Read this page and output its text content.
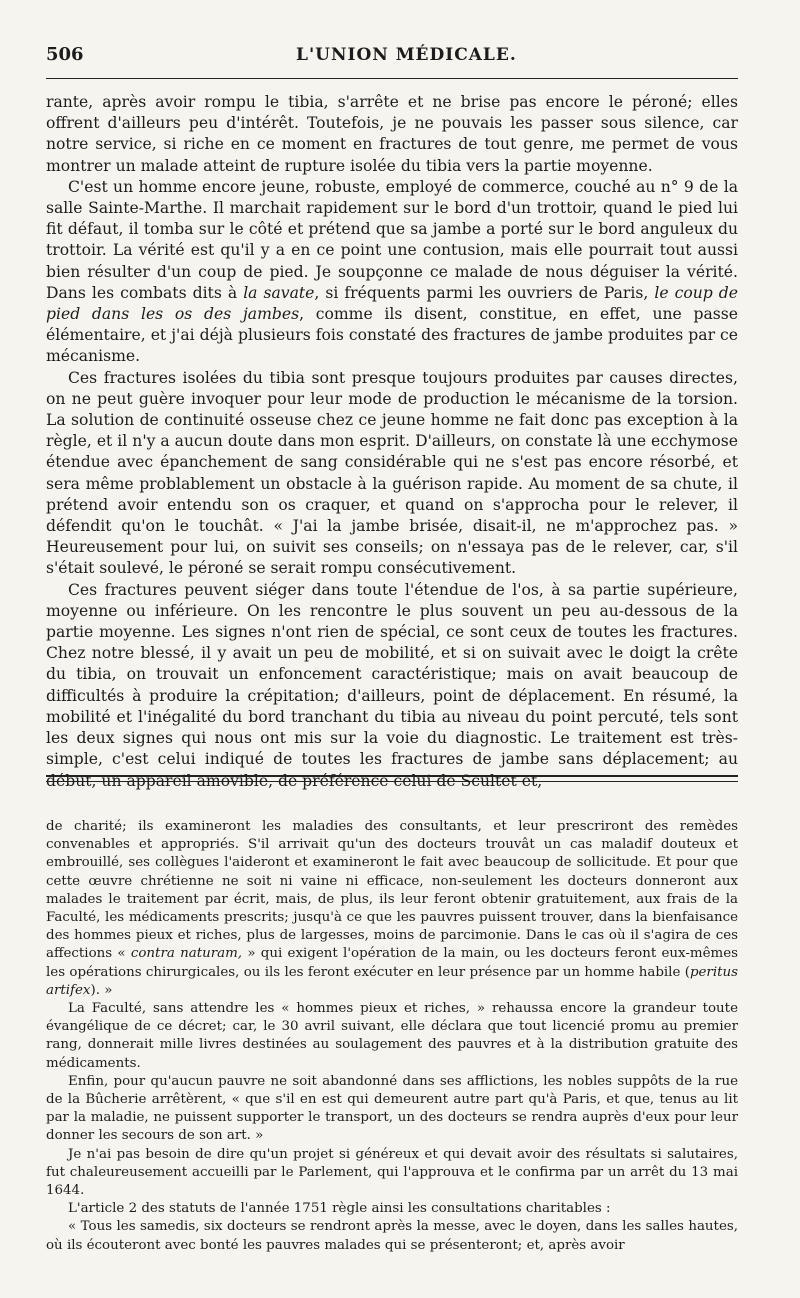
506	L'UNION MÉDICALE.

rante, après avoir rompu le tibia, s'arrête et ne brise pas encore le péroné; elles offrent d'ailleurs peu d'intérêt. Toutefois, je ne pouvais les passer sous silence, car notre service, si riche en ce moment en fractures de tout genre, me permet de vous montrer un malade atteint de rupture isolée du tibia vers la partie moyenne.

C'est un homme encore jeune, robuste, employé de commerce, couché au n° 9 de la salle Sainte-Marthe. Il marchait rapidement sur le bord d'un trottoir, quand le pied lui fit défaut, il tomba sur le côté et prétend que sa jambe a porté sur le bord anguleux du trottoir. La vérité est qu'il y a en ce point une contusion, mais elle pourrait tout aussi bien résulter d'un coup de pied. Je soupçonne ce malade de nous déguiser la vérité. Dans les combats dits à la savate, si fréquents parmi les ouvriers de Paris, le coup de pied dans les os des jambes, comme ils disent, constitue, en effet, une passe élémentaire, et j'ai déjà plusieurs fois constaté des fractures de jambe produites par ce mécanisme.

Ces fractures isolées du tibia sont presque toujours produites par causes directes, on ne peut guère invoquer pour leur mode de production le mécanisme de la torsion. La solution de continuité osseuse chez ce jeune homme ne fait donc pas exception à la règle, et il n'y a aucun doute dans mon esprit. D'ailleurs, on constate là une ecchymose étendue avec épanchement de sang considérable qui ne s'est pas encore résorbé, et sera même problablement un obstacle à la guérison rapide. Au moment de sa chute, il prétend avoir entendu son os craquer, et quand on s'approcha pour le relever, il défendit qu'on le touchât. « J'ai la jambe brisée, disait-il, ne m'approchez pas. » Heureusement pour lui, on suivit ses conseils; on n'essaya pas de le relever, car, s'il s'était soulevé, le péroné se serait rompu consécutivement.

Ces fractures peuvent siéger dans toute l'étendue de l'os, à sa partie supérieure, moyenne ou inférieure. On les rencontre le plus souvent un peu au-dessous de la partie moyenne. Les signes n'ont rien de spécial, ce sont ceux de toutes les fractures. Chez notre blessé, il y avait un peu de mobilité, et si on suivait avec le doigt la crête du tibia, on trouvait un enfoncement caractéristique; mais on avait beaucoup de difficultés à produire la crépitation; d'ailleurs, point de déplacement. En résumé, la mobilité et l'inégalité du bord tranchant du tibia au niveau du point percuté, tels sont les deux signes qui nous ont mis sur la voie du diagnostic. Le traitement est très-simple, c'est celui indiqué de toutes les fractures de jambe sans déplacement; au début, un appareil amovible, de préférence celui de Scultet et,

de charité; ils examineront les maladies des consultants, et leur prescriront des remèdes convenables et appropriés. S'il arrivait qu'un des docteurs trouvât un cas maladif douteux et embrouillé, ses collègues l'aideront et examineront le fait avec beaucoup de sollicitude. Et pour que cette œuvre chrétienne ne soit ni vaine ni efficace, non-seulement les docteurs donneront aux malades le traitement par écrit, mais, de plus, ils leur feront obtenir gratuitement, aux frais de la Faculté, les médicaments prescrits; jusqu'à ce que les pauvres puissent trouver, dans la bienfaisance des hommes pieux et riches, plus de largesses, moins de parcimonie. Dans le cas où il s'agira de ces affections « contra naturam, » qui exigent l'opération de la main, ou les docteurs feront eux-mêmes les opérations chirurgicales, ou ils les feront exécuter en leur présence par un homme habile (peritus artifex). »

La Faculté, sans attendre les « hommes pieux et riches, » rehaussa encore la grandeur toute évangélique de ce décret; car, le 30 avril suivant, elle déclara que tout licencié promu au premier rang, donnerait mille livres destinées au soulagement des pauvres et à la distribution gratuite des médicaments.

Enfin, pour qu'aucun pauvre ne soit abandonné dans ses afflictions, les nobles suppôts de la rue de la Bûcherie arrêtèrent, « que s'il en est qui demeurent autre part qu'à Paris, et que, tenus au lit par la maladie, ne puissent supporter le transport, un des docteurs se rendra auprès d'eux pour leur donner les secours de son art. »

Je n'ai pas besoin de dire qu'un projet si généreux et qui devait avoir des résultats si salutaires, fut chaleureusement accueilli par le Parlement, qui l'approuva et le confirma par un arrêt du 13 mai 1644.

L'article 2 des statuts de l'année 1751 règle ainsi les consultations charitables :

« Tous les samedis, six docteurs se rendront après la messe, avec le doyen, dans les salles hautes, où ils écouteront avec bonté les pauvres malades qui se présenteront; et, après avoir
